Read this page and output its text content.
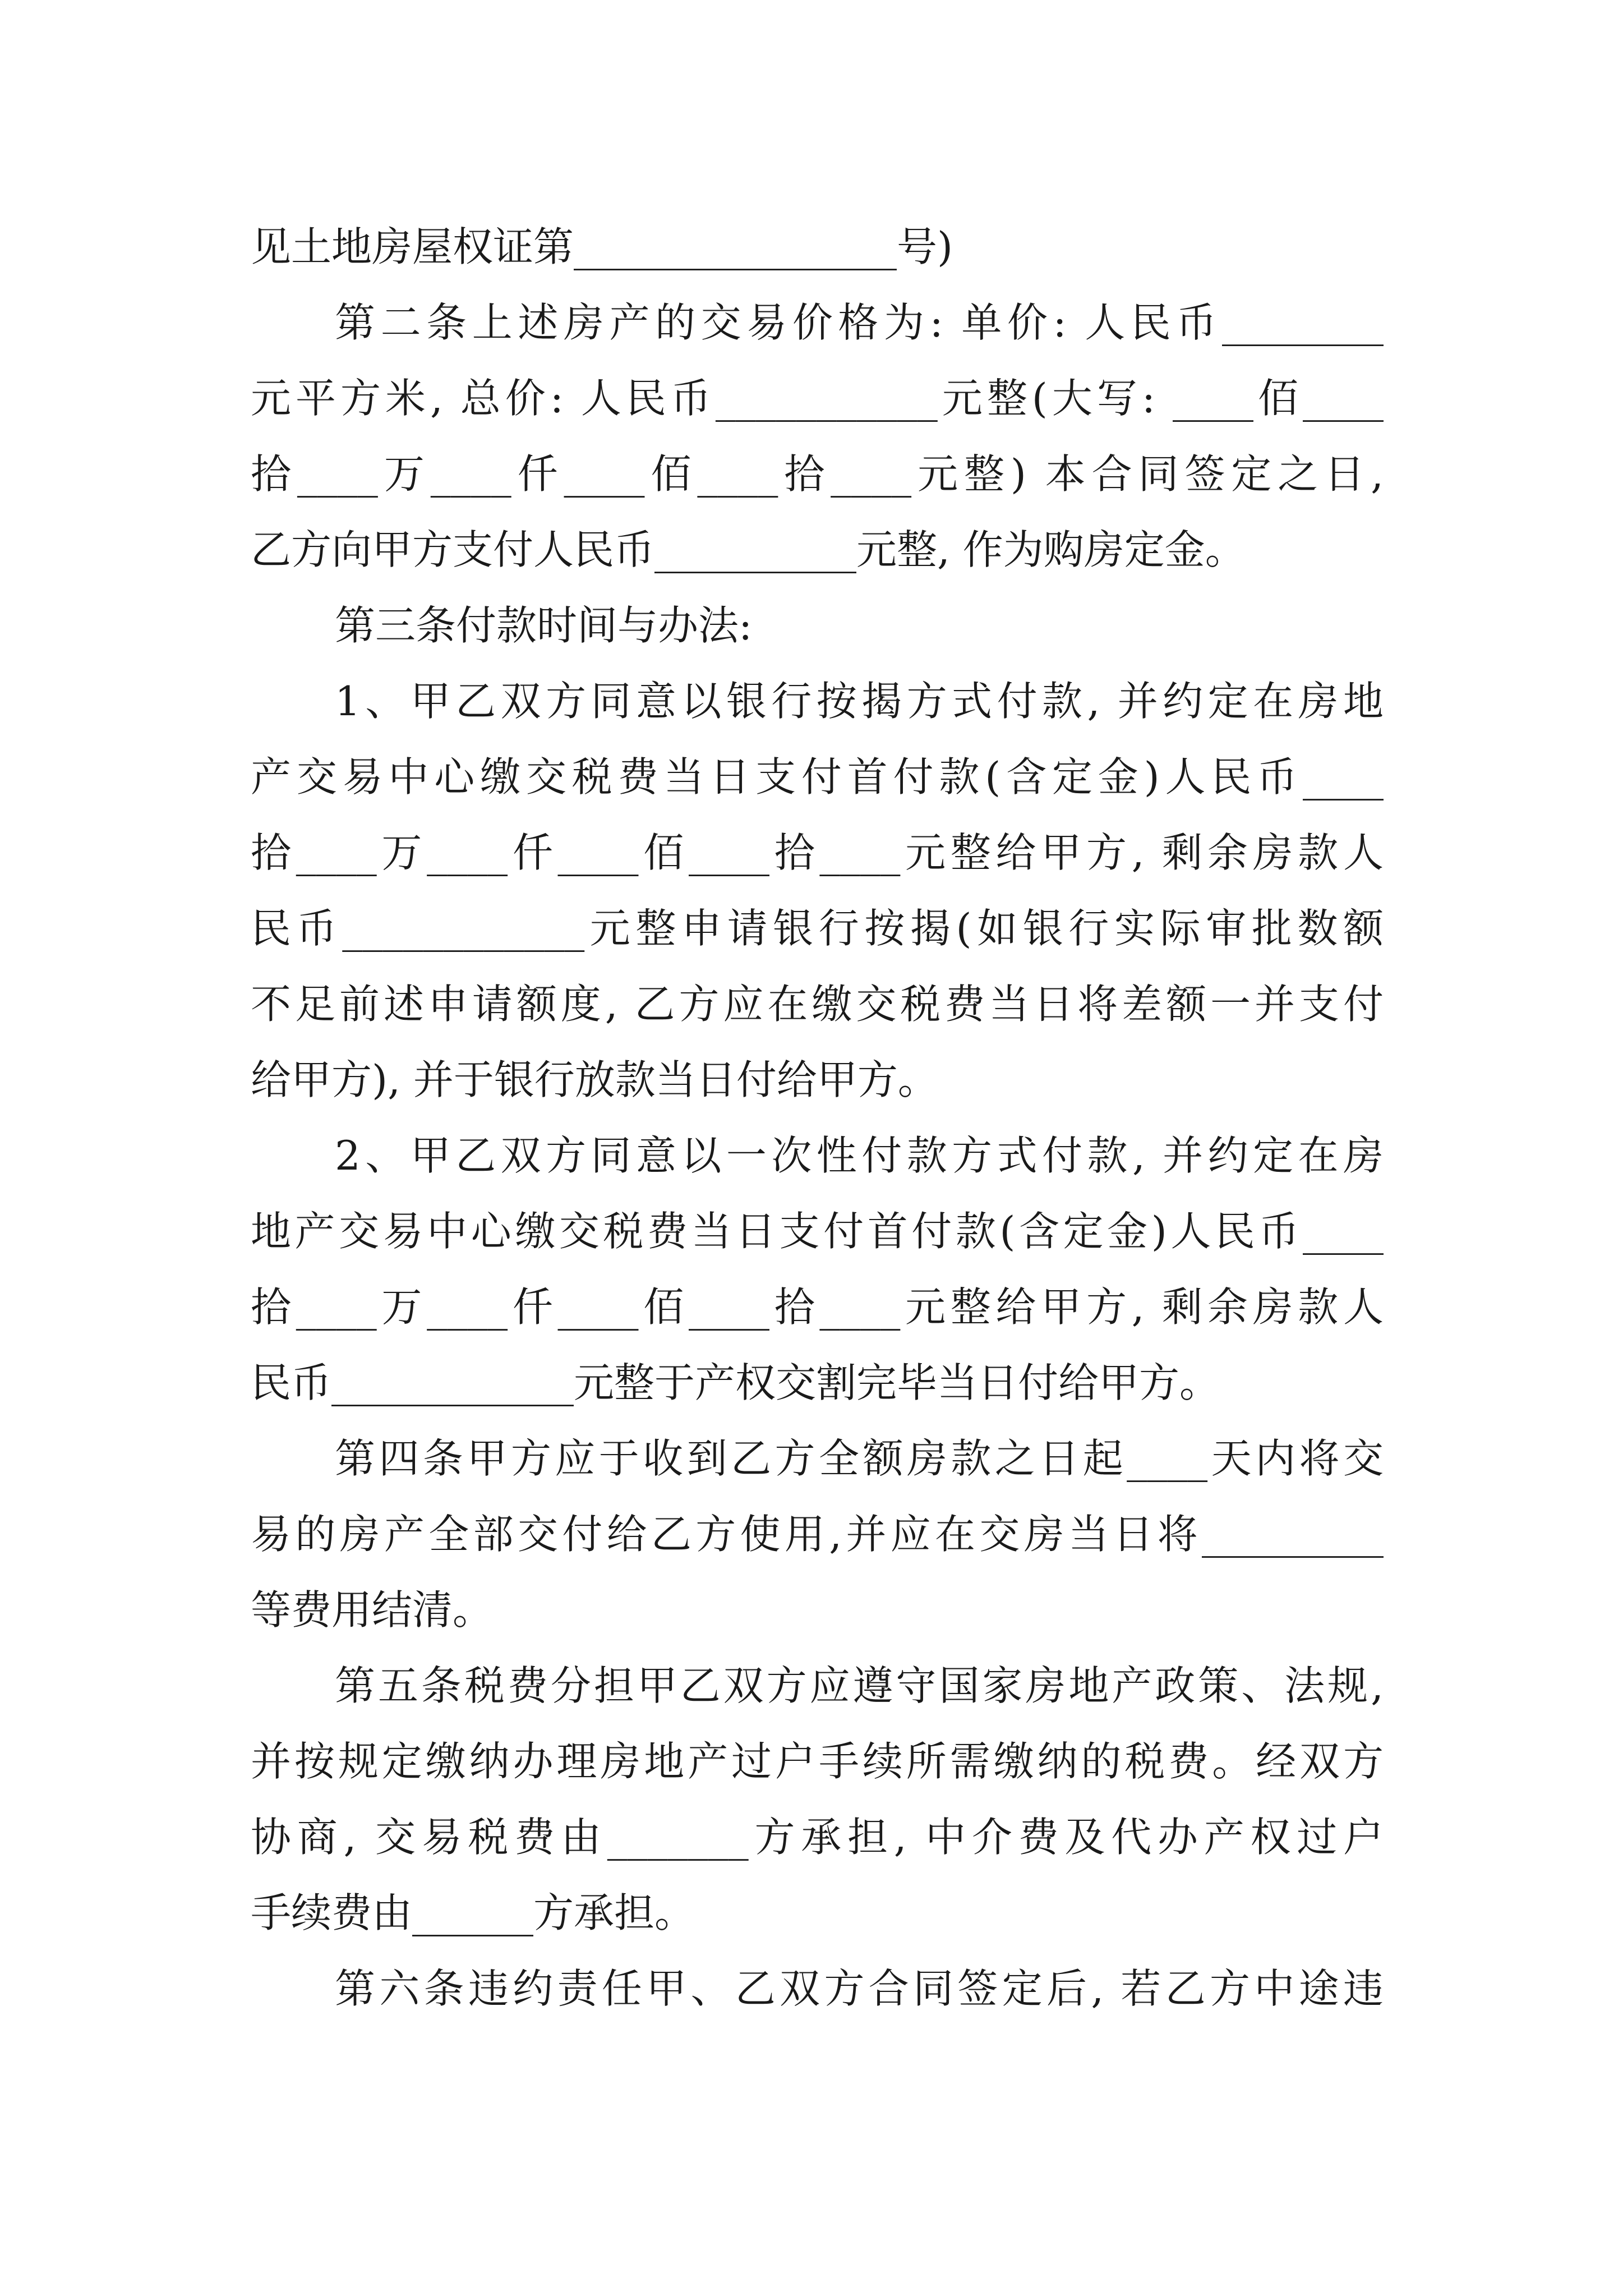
见土地房屋权证第________________号)
第二条上述房产的交易价格为: 单价: 人民币________
元平方米, 总价: 人民币___________元整(大写: ____佰____
拾____万____仟____佰____拾____元整) 本合同签定之日,
乙方向甲方支付人民币__________元整, 作为购房定金。
第三条付款时间与办法:
1、甲乙双方同意以银行按揭方式付款, 并约定在房地
产交易中心缴交税费当日支付首付款(含定金)人民币____
拾____万____仟____佰____拾____元整给甲方, 剩余房款人
民币____________元整申请银行按揭(如银行实际审批数额
不足前述申请额度, 乙方应在缴交税费当日将差额一并支付
给甲方), 并于银行放款当日付给甲方。
2、甲乙双方同意以一次性付款方式付款, 并约定在房
地产交易中心缴交税费当日支付首付款(含定金)人民币____
拾____万____仟____佰____拾____元整给甲方, 剩余房款人
民币____________元整于产权交割完毕当日付给甲方。
第四条甲方应于收到乙方全额房款之日起____天内将交
易的房产全部交付给乙方使用,并应在交房当日将_________
等费用结清。
第五条税费分担甲乙双方应遵守国家房地产政策、法规,
并按规定缴纳办理房地产过户手续所需缴纳的税费。经双方
协商, 交易税费由_______方承担, 中介费及代办产权过户
手续费由______方承担。
第六条违约责任甲、乙双方合同签定后, 若乙方中途违
